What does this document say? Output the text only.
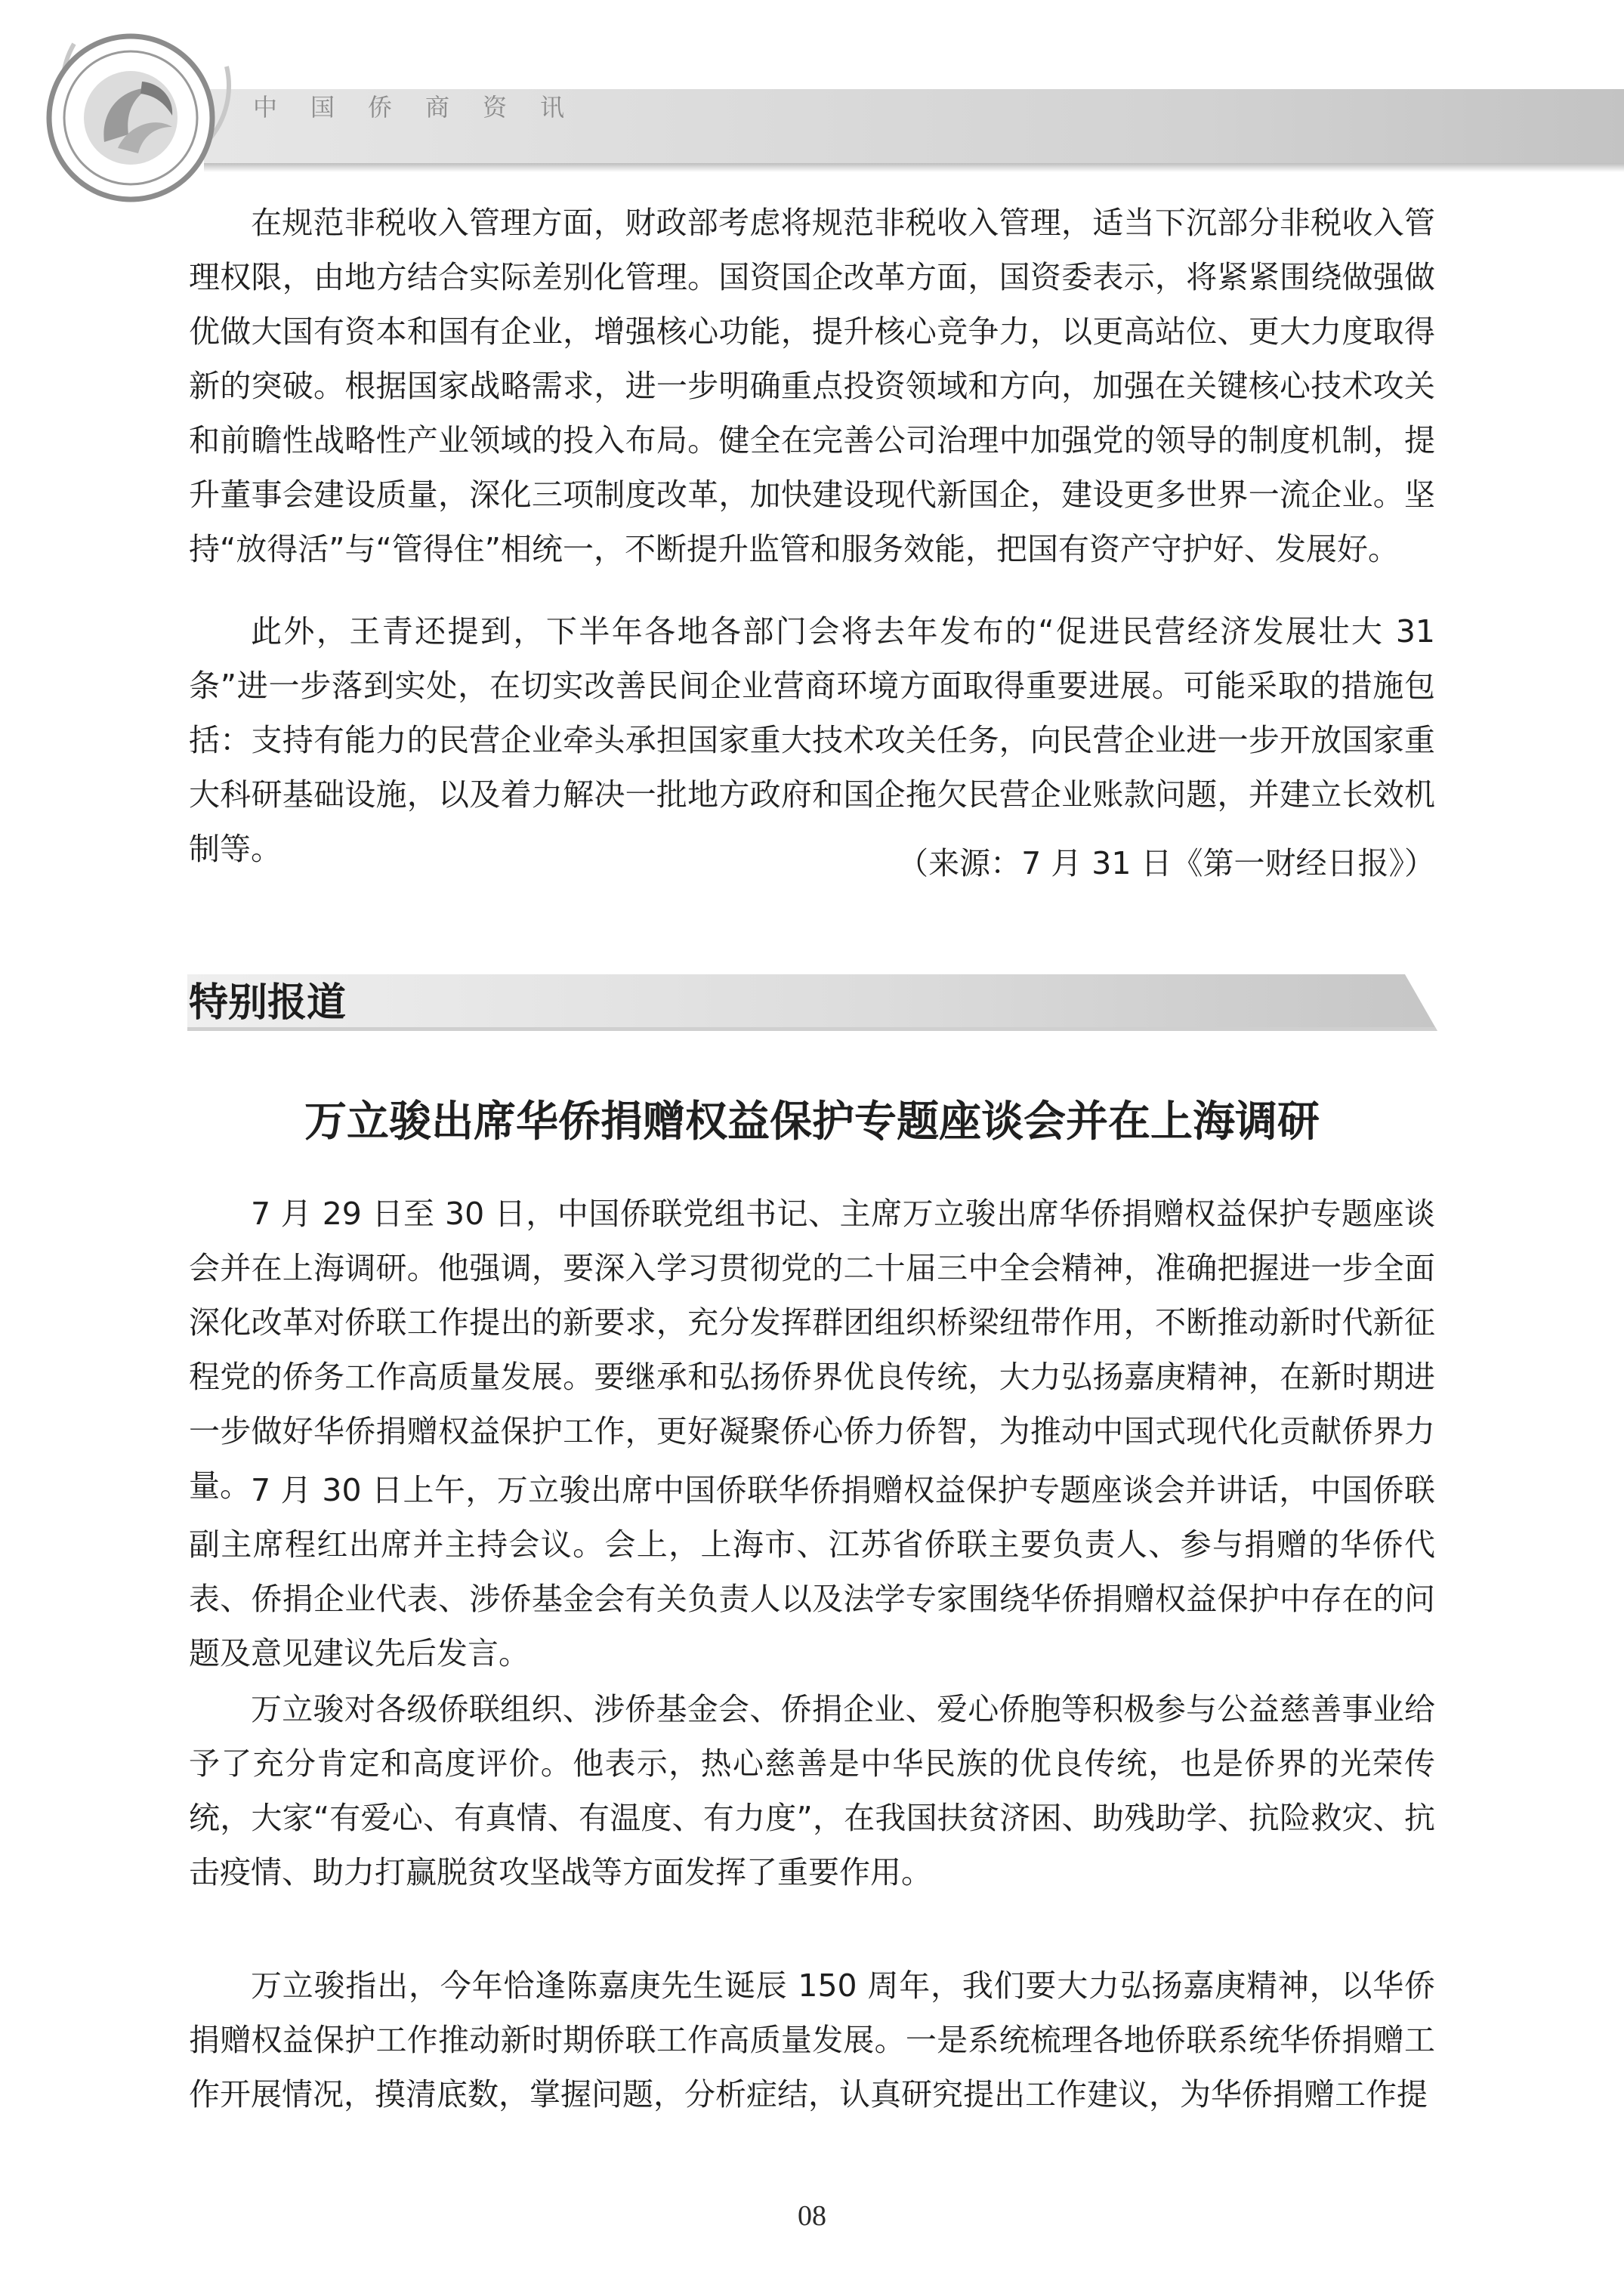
中国侨商资讯

在规范非税收入管理方面，财政部考虑将规范非税收入管理，适当下沉部分非税收入管理权限，由地方结合实际差别化管理。国资国企改革方面，国资委表示，将紧紧围绕做强做优做大国有资本和国有企业，增强核心功能，提升核心竞争力，以更高站位、更大力度取得新的突破。根据国家战略需求，进一步明确重点投资领域和方向，加强在关键核心技术攻关和前瞻性战略性产业领域的投入布局。健全在完善公司治理中加强党的领导的制度机制，提升董事会建设质量，深化三项制度改革，加快建设现代新国企，建设更多世界一流企业。坚持“放得活”与“管得住”相统一，不断提升监管和服务效能，把国有资产守护好、发展好。

此外，王青还提到，下半年各地各部门会将去年发布的“促进民营经济发展壮大 31 条”进一步落到实处，在切实改善民间企业营商环境方面取得重要进展。可能采取的措施包括：支持有能力的民营企业牵头承担国家重大技术攻关任务，向民营企业进一步开放国家重大科研基础设施，以及着力解决一批地方政府和国企拖欠民营企业账款问题，并建立长效机制等。	（来源：7 月 31 日《第一财经日报》）
特别报道
万立骏出席华侨捐赠权益保护专题座谈会并在上海调研

7 月 29 日至 30 日，中国侨联党组书记、主席万立骏出席华侨捐赠权益保护专题座谈会并在上海调研。他强调，要深入学习贯彻党的二十届三中全会精神，准确把握进一步全面深化改革对侨联工作提出的新要求，充分发挥群团组织桥梁纽带作用，不断推动新时代新征程党的侨务工作高质量发展。要继承和弘扬侨界优良传统，大力弘扬嘉庚精神，在新时期进一步做好华侨捐赠权益保护工作，更好凝聚侨心侨力侨智，为推动中国式现代化贡献侨界力量。 7 月 30 日上午，万立骏出席中国侨联华侨捐赠权益保护专题座谈会并讲话，中国侨联副主席程红出席并主持会议。会上，上海市、江苏省侨联主要负责人、参与捐赠的华侨代表、侨捐企业代表、涉侨基金会有关负责人以及法学专家围绕华侨捐赠权益保护中存在的问题及意见建议先后发言。

万立骏对各级侨联组织、涉侨基金会、侨捐企业、爱心侨胞等积极参与公益慈善事业给予了充分肯定和高度评价。他表示，热心慈善是中华民族的优良传统，也是侨界的光荣传统，大家“有爱心、有真情、有温度、有力度”，在我国扶贫济困、助残助学、抗险救灾、抗击疫情、助力打赢脱贫攻坚战等方面发挥了重要作用。

万立骏指出，今年恰逢陈嘉庚先生诞辰 150 周年，我们要大力弘扬嘉庚精神，以华侨捐赠权益保护工作推动新时期侨联工作高质量发展。一是系统梳理各地侨联系统华侨捐赠工作开展情况，摸清底数，掌握问题，分析症结，认真研究提出工作建议，为华侨捐赠工作提

08
